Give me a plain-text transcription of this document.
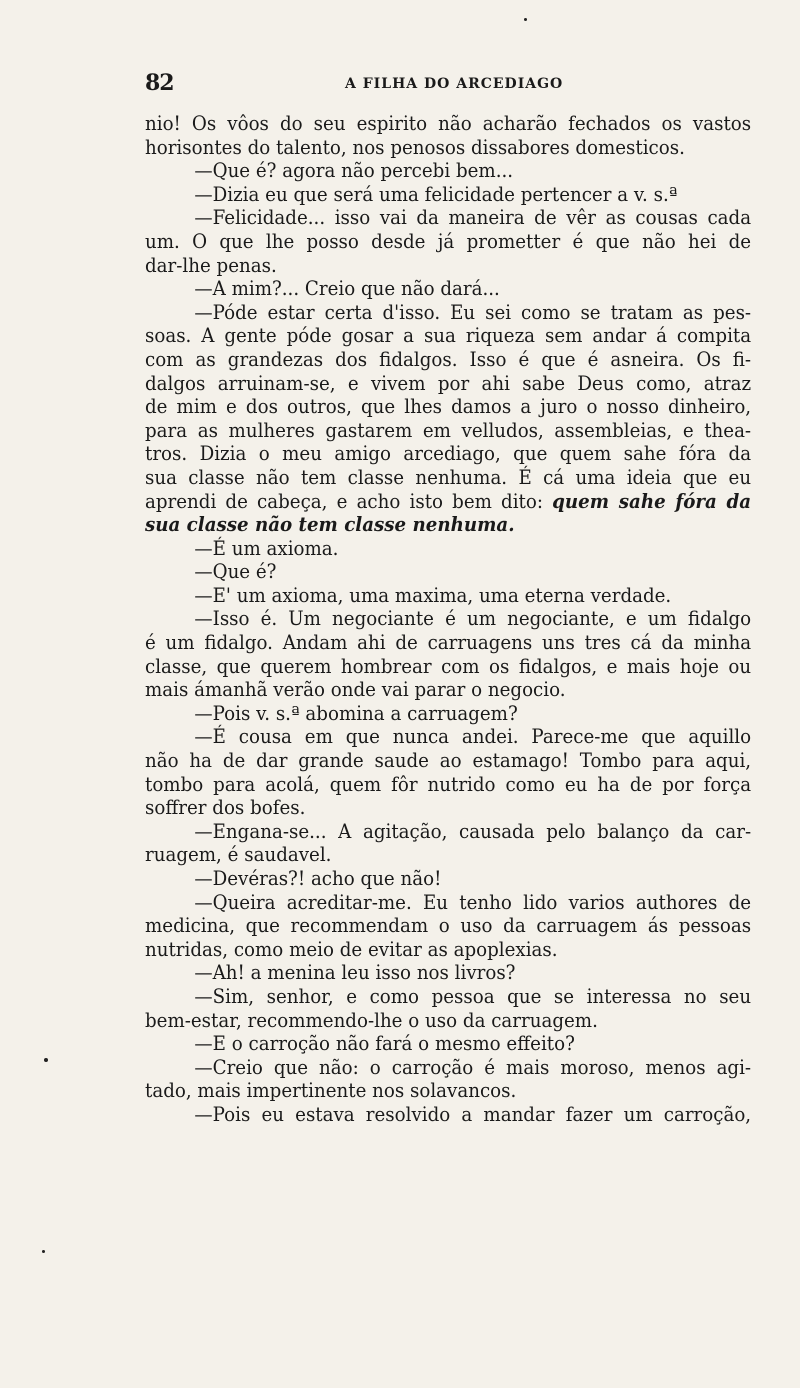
82	A FILHA DO ARCEDIAGO
nio! Os vôos do seu espirito não acharão fechados os vastos
horisontes do talento, nos penosos dissabores domesticos.
—Que é? agora não percebi bem...
—Dizia eu que será uma felicidade pertencer a v. s.ª
—Felicidade... isso vai da maneira de vêr as cousas cada
um. O que lhe posso desde já prometter é que não hei de
dar-lhe penas.
—A mim?... Creio que não dará...
—Póde estar certa d'isso. Eu sei como se tratam as pes-
soas. A gente póde gosar a sua riqueza sem andar á compita
com as grandezas dos fidalgos. Isso é que é asneira. Os fi-
dalgos arruinam-se, e vivem por ahi sabe Deus como, atraz
de mim e dos outros, que lhes damos a juro o nosso dinheiro,
para as mulheres gastarem em velludos, assembleias, e thea-
tros. Dizia o meu amigo arcediago, que quem sahe fóra da
sua classe não tem classe nenhuma. É cá uma ideia que eu
aprendi de cabeça, e acho isto bem dito: quem sahe fóra da
sua classe não tem classe nenhuma.
—É um axioma.
—Que é?
—E' um axioma, uma maxima, uma eterna verdade.
—Isso é. Um negociante é um negociante, e um fidalgo
é um fidalgo. Andam ahi de carruagens uns tres cá da minha
classe, que querem hombrear com os fidalgos, e mais hoje ou
mais ámanhã verão onde vai parar o negocio.
—Pois v. s.ª abomina a carruagem?
—É cousa em que nunca andei. Parece-me que aquillo
não ha de dar grande saude ao estamago! Tombo para aqui,
tombo para acolá, quem fôr nutrido como eu ha de por força
soffrer dos bofes.
—Engana-se... A agitação, causada pelo balanço da car-
ruagem, é saudavel.
—Devéras?! acho que não!
—Queira acreditar-me. Eu tenho lido varios authores de
medicina, que recommendam o uso da carruagem ás pessoas
nutridas, como meio de evitar as apoplexias.
—Ah! a menina leu isso nos livros?
—Sim, senhor, e como pessoa que se interessa no seu
bem-estar, recommendo-lhe o uso da carruagem.
—E o carroção não fará o mesmo effeito?
—Creio que não: o carroção é mais moroso, menos agi-
tado, mais impertinente nos solavancos.
—Pois eu estava resolvido a mandar fazer um carroção,
